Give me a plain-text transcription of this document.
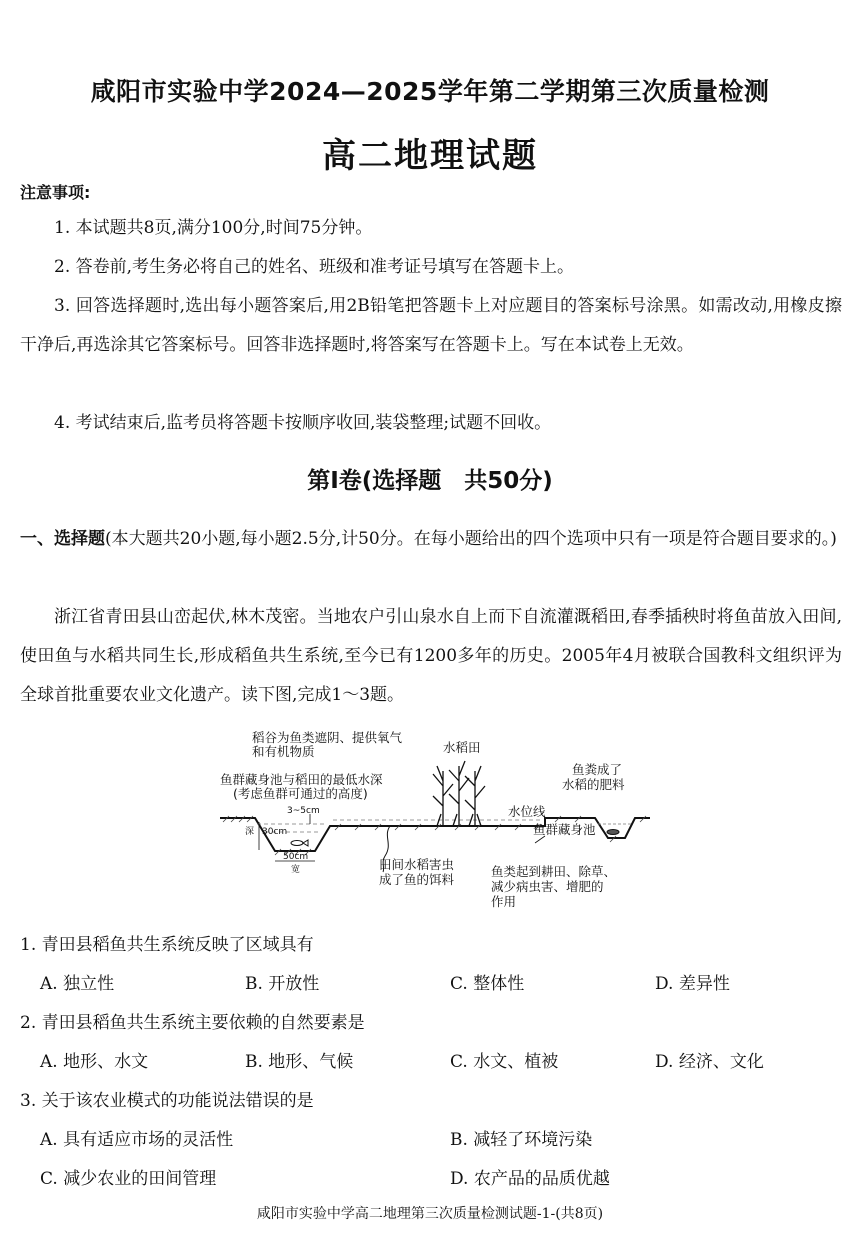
咸阳市实验中学2024—2025学年第二学期第三次质量检测
高二地理试题
注意事项:
1. 本试题共8页,满分100分,时间75分钟。
2. 答卷前,考生务必将自己的姓名、班级和准考证号填写在答题卡上。
3. 回答选择题时,选出每小题答案后,用2B铅笔把答题卡上对应题目的答案标号涂黑。如需改动,用橡皮擦干净后,再选涂其它答案标号。回答非选择题时,将答案写在答题卡上。写在本试卷上无效。
4. 考试结束后,监考员将答题卡按顺序收回,装袋整理;试题不回收。
第Ⅰ卷(选择题　共50分)
一、选择题(本大题共20小题,每小题2.5分,计50分。在每小题给出的四个选项中只有一项是符合题目要求的。)
浙江省青田县山峦起伏,林木茂密。当地农户引山泉水自上而下自流灌溉稻田,春季插秧时将鱼苗放入田间,使田鱼与水稻共同生长,形成稻鱼共生系统,至今已有1200多年的历史。2005年4月被联合国教科文组织评为全球首批重要农业文化遗产。读下图,完成1～3题。
稻谷为鱼类遮阴、提供氧气
和有机物质	水稻田
鱼群藏身池与稻田的最低水深
(考虑鱼群可通过的高度)
3~5cm
深 30cm
50cm
宽	田间水稻害虫
成了鱼的饵料
水位线
鱼粪成了
水稻的肥料
鱼群藏身池
鱼类起到耕田、除草、
减少病虫害、增肥的
作用
1. 青田县稻鱼共生系统反映了区域具有
A. 独立性	B. 开放性	C. 整体性	D. 差异性
2. 青田县稻鱼共生系统主要依赖的自然要素是
A. 地形、水文	B. 地形、气候	C. 水文、植被	D. 经济、文化
3. 关于该农业模式的功能说法错误的是
A. 具有适应市场的灵活性	B. 减轻了环境污染
C. 减少农业的田间管理	D. 农产品的品质优越
咸阳市实验中学高二地理第三次质量检测试题-1-(共8页)
